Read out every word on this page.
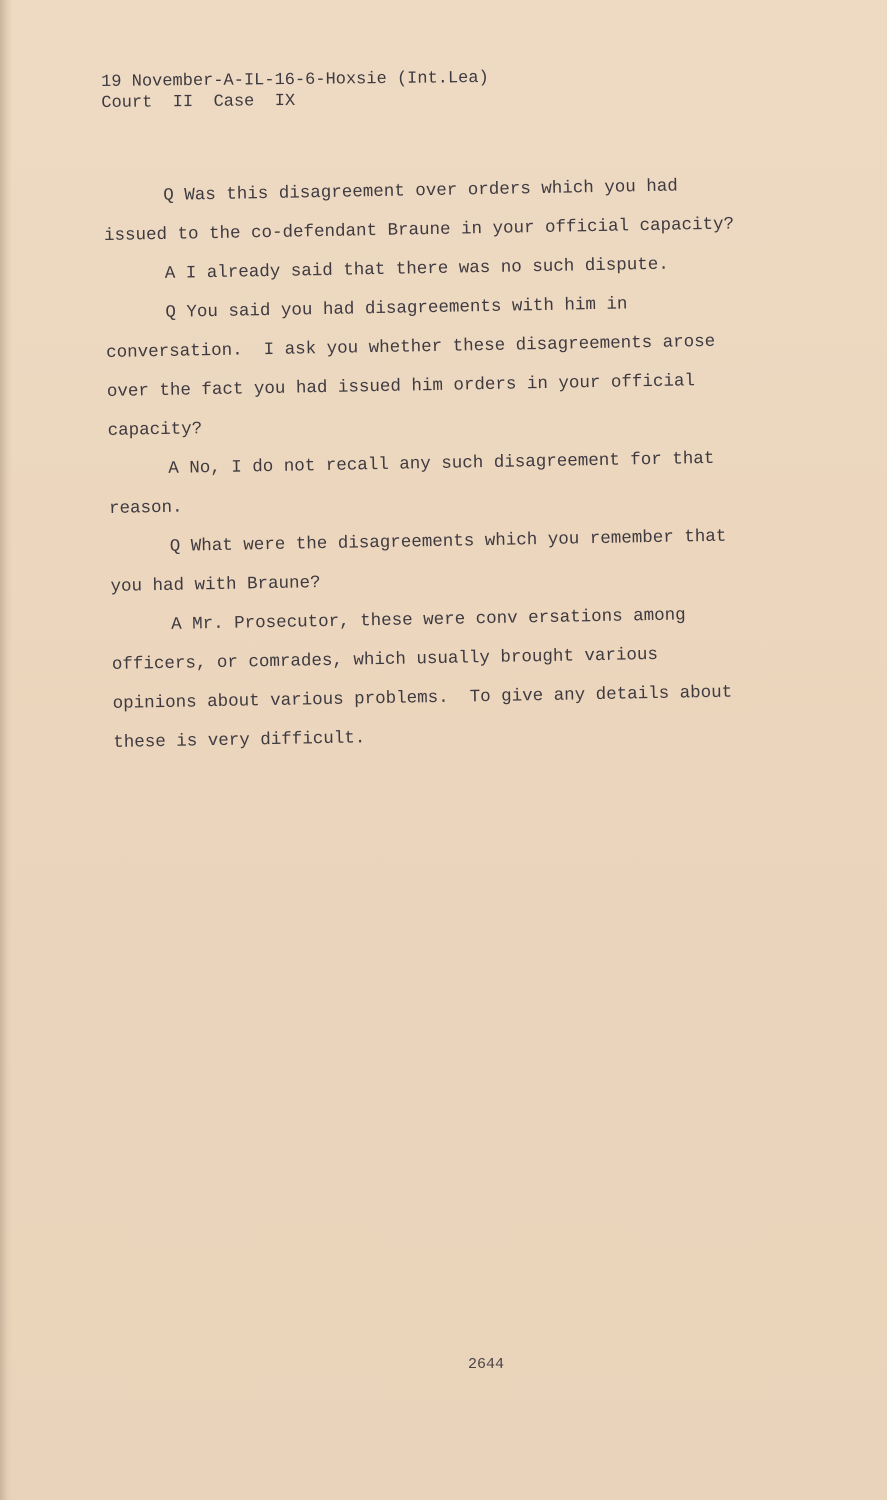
19 November-A-IL-16-6-Hoxsie (Int.Lea)
Court  II  Case  IX
Q Was this disagreement over orders which you had
issued to the co-defendant Braune in your official capacity?
A I already said that there was no such dispute.
Q You said you had disagreements with him in
conversation.  I ask you whether these disagreements arose
over the fact you had issued him orders in your official
capacity?
A No, I do not recall any such disagreement for that
reason.
Q What were the disagreements which you remember that
you had with Braune?
A Mr. Prosecutor, these were conv ersations among
officers, or comrades, which usually brought various
opinions about various problems.  To give any details about
these is very difficult.
2644
